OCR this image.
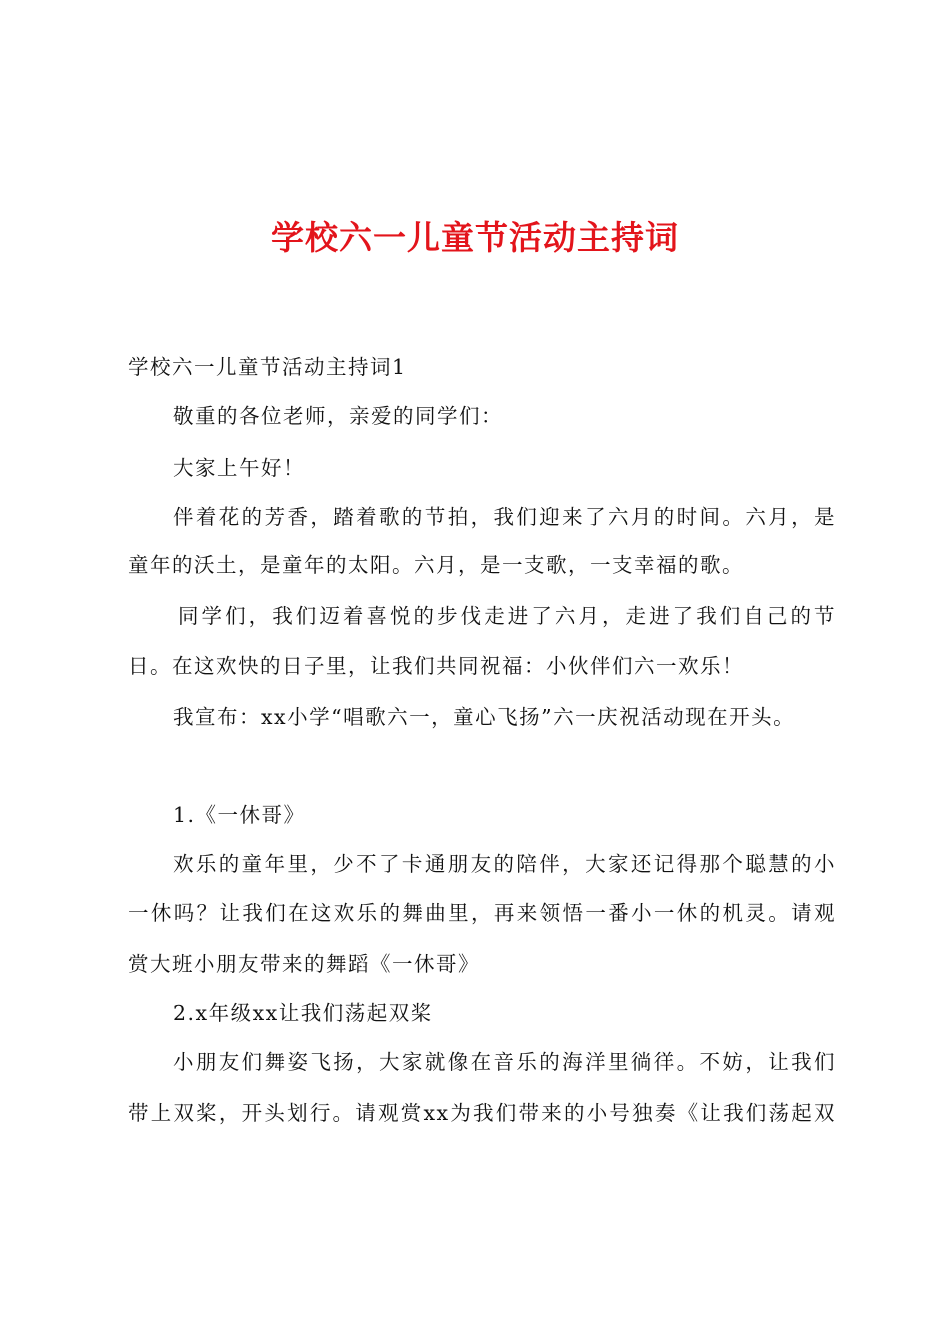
学校六一儿童节活动主持词
学校六一儿童节活动主持词1
敬重的各位老师，亲爱的同学们：
大家上午好！
伴着花的芳香，踏着歌的节拍，我们迎来了六月的时间。六月，是
童年的沃土，是童年的太阳。六月，是一支歌，一支幸福的歌。
同学们，我们迈着喜悦的步伐走进了六月，走进了我们自己的节
日。在这欢快的日子里，让我们共同祝福：小伙伴们六一欢乐！
我宣布：xx小学“唱歌六一，童心飞扬”六一庆祝活动现在开头。
1.《一休哥》
欢乐的童年里，少不了卡通朋友的陪伴，大家还记得那个聪慧的小
一休吗？让我们在这欢乐的舞曲里，再来领悟一番小一休的机灵。请观
赏大班小朋友带来的舞蹈《一休哥》
2.x年级xx让我们荡起双桨
小朋友们舞姿飞扬，大家就像在音乐的海洋里徜徉。不妨，让我们
带上双桨，开头划行。请观赏xx为我们带来的小号独奏《让我们荡起双
